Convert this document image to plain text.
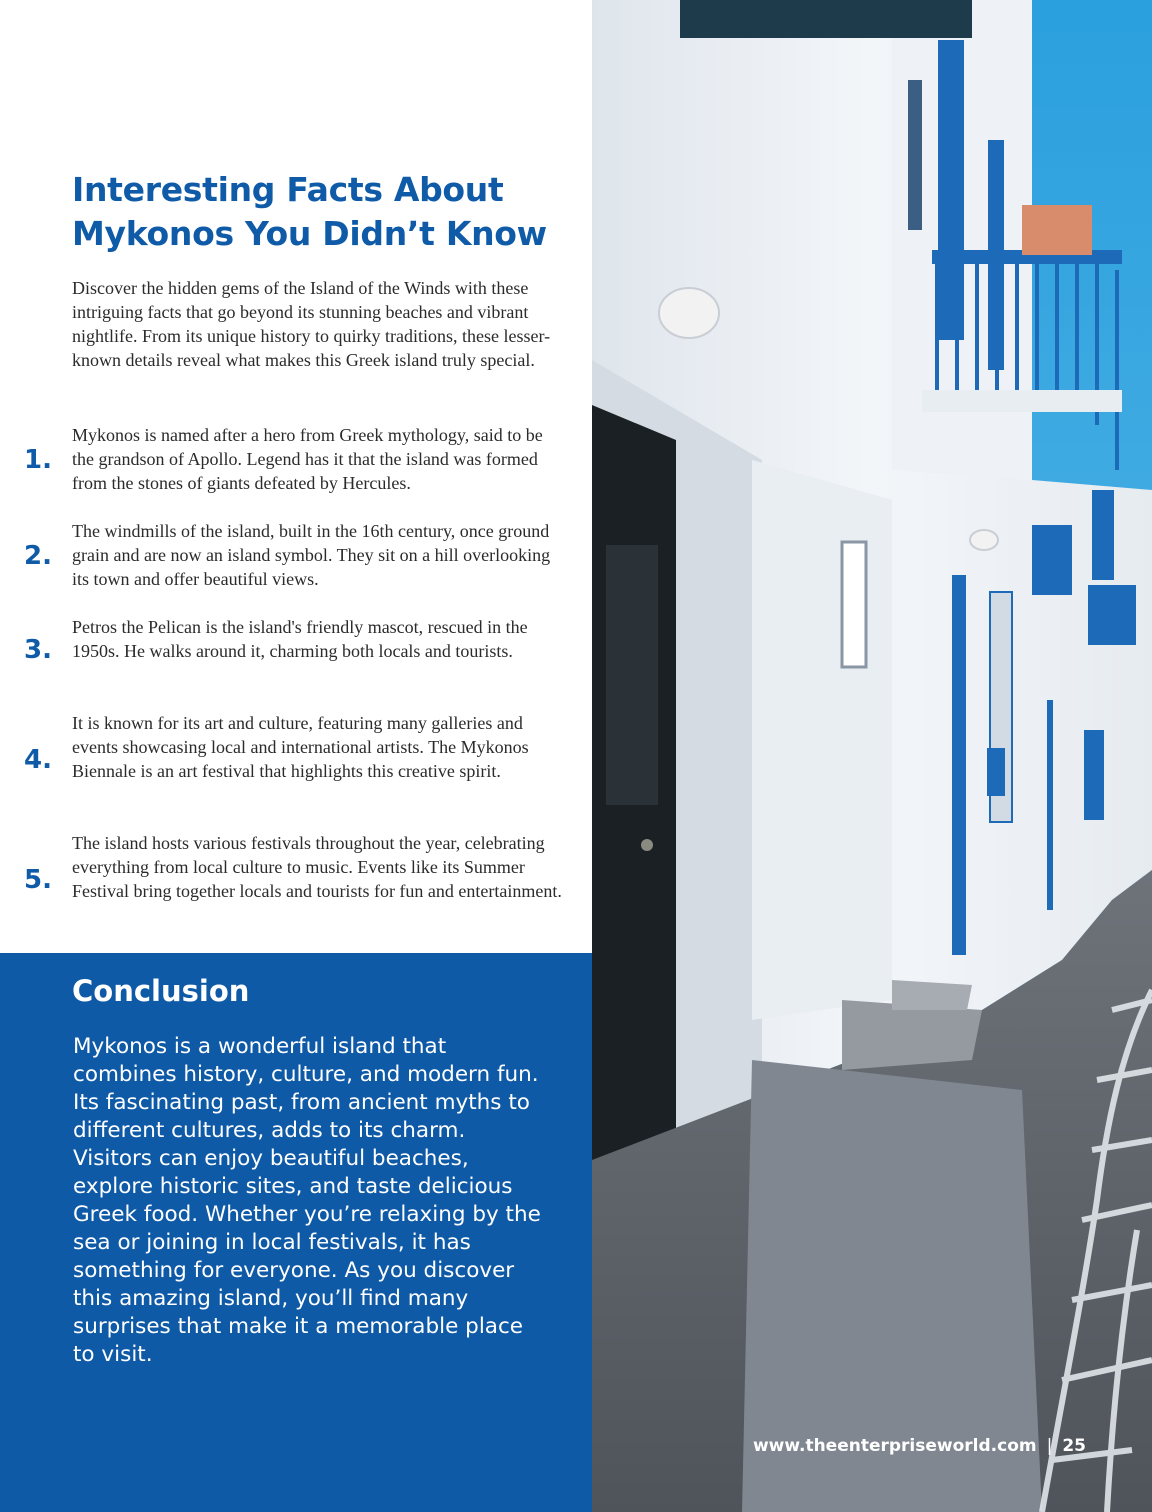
Interesting Facts About
Mykonos You Didn’t Know

Discover the hidden gems of the Island of the Winds with these intriguing facts that go beyond its stunning beaches and vibrant nightlife. From its unique history to quirky traditions, these lesser-known details reveal what makes this Greek island truly special.

1.

Mykonos is named after a hero from Greek mythology, said to be the grandson of Apollo. Legend has it that the island was formed from the stones of giants defeated by Hercules.

2.

The windmills of the island, built in the 16th century, once ground grain and are now an island symbol. They sit on a hill overlooking its town and offer beautiful views.

3.

Petros the Pelican is the island's friendly mascot, rescued in the 1950s. He walks around it, charming both locals and tourists.

4.

It is known for its art and culture, featuring many galleries and events showcasing local and international artists. The Mykonos Biennale is an art festival that highlights this creative spirit.

5.

The island hosts various festivals throughout the year, celebrating everything from local culture to music. Events like its Summer Festival bring together locals and tourists for fun and entertainment.

Conclusion

Mykonos is a wonderful island that combines history, culture, and modern fun. Its fascinating past, from ancient myths to different cultures, adds to its charm. Visitors can enjoy beautiful beaches, explore historic sites, and taste delicious Greek food. Whether you’re relaxing by the sea or joining in local festivals, it has something for everyone. As you discover this amazing island, you’ll find many surprises that make it a memorable place to visit.

www.theenterpriseworld.com | 25
